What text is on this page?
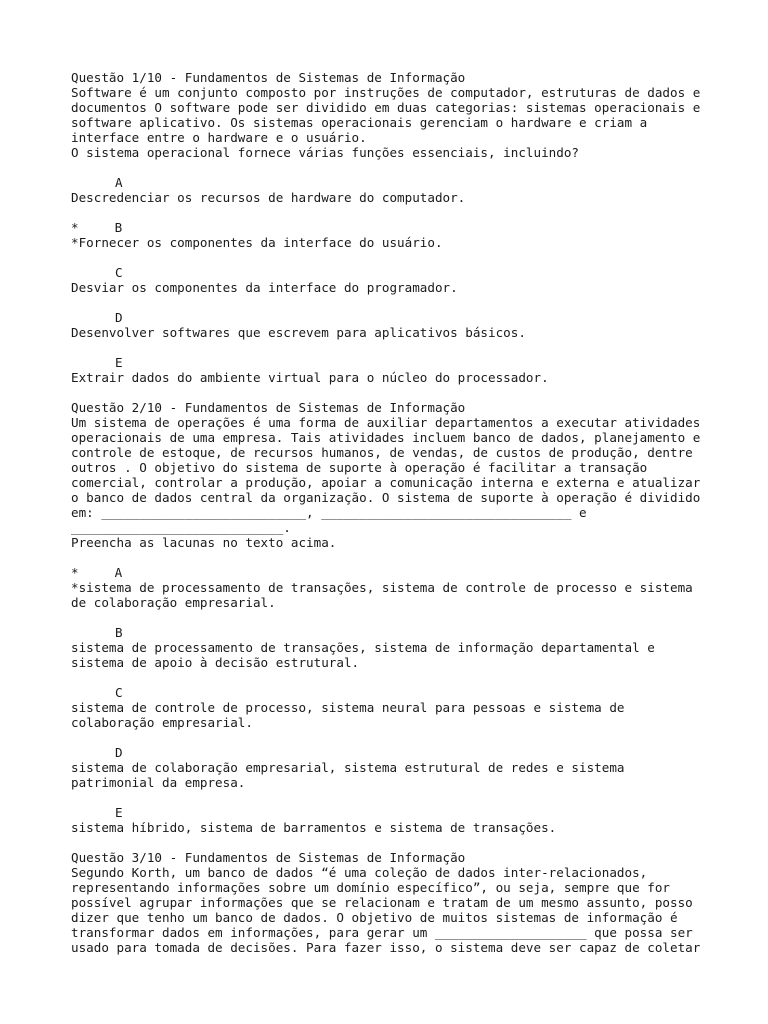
Questão 1/10 - Fundamentos de Sistemas de Informação
Software é um conjunto composto por instruções de computador, estruturas de dados e
documentos O software pode ser dividido em duas categorias: sistemas operacionais e
software aplicativo. Os sistemas operacionais gerenciam o hardware e criam a
interface entre o hardware e o usuário.
O sistema operacional fornece várias funções essenciais, incluindo?
A
Descredenciar os recursos de hardware do computador.
*	B
*Fornecer os componentes da interface do usuário.
C
Desviar os componentes da interface do programador.
D
Desenvolver softwares que escrevem para aplicativos básicos.
E
Extrair dados do ambiente virtual para o núcleo do processador.
Questão 2/10 - Fundamentos de Sistemas de Informação
Um sistema de operações é uma forma de auxiliar departamentos a executar atividades
operacionais de uma empresa. Tais atividades incluem banco de dados, planejamento e
controle de estoque, de recursos humanos, de vendas, de custos de produção, dentre
outros . O objetivo do sistema de suporte à operação é facilitar a transação
comercial, controlar a produção, apoiar a comunicação interna e externa e atualizar
o banco de dados central da organização. O sistema de suporte à operação é dividido
em: ___________________________, _________________________________ e
____________________________.
Preencha as lacunas no texto acima.
*	A
*sistema de processamento de transações, sistema de controle de processo e sistema
de colaboração empresarial.
B
sistema de processamento de transações, sistema de informação departamental e
sistema de apoio à decisão estrutural.
C
sistema de controle de processo, sistema neural para pessoas e sistema de
colaboração empresarial.
D
sistema de colaboração empresarial, sistema estrutural de redes e sistema
patrimonial da empresa.
E
sistema híbrido, sistema de barramentos e sistema de transações.
Questão 3/10 - Fundamentos de Sistemas de Informação
Segundo Korth, um banco de dados “é uma coleção de dados inter-relacionados,
representando informações sobre um domínio específico”, ou seja, sempre que for
possível agrupar informações que se relacionam e tratam de um mesmo assunto, posso
dizer que tenho um banco de dados. O objetivo de muitos sistemas de informação é
transformar dados em informações, para gerar um ____________________ que possa ser
usado para tomada de decisões. Para fazer isso, o sistema deve ser capaz de coletar
